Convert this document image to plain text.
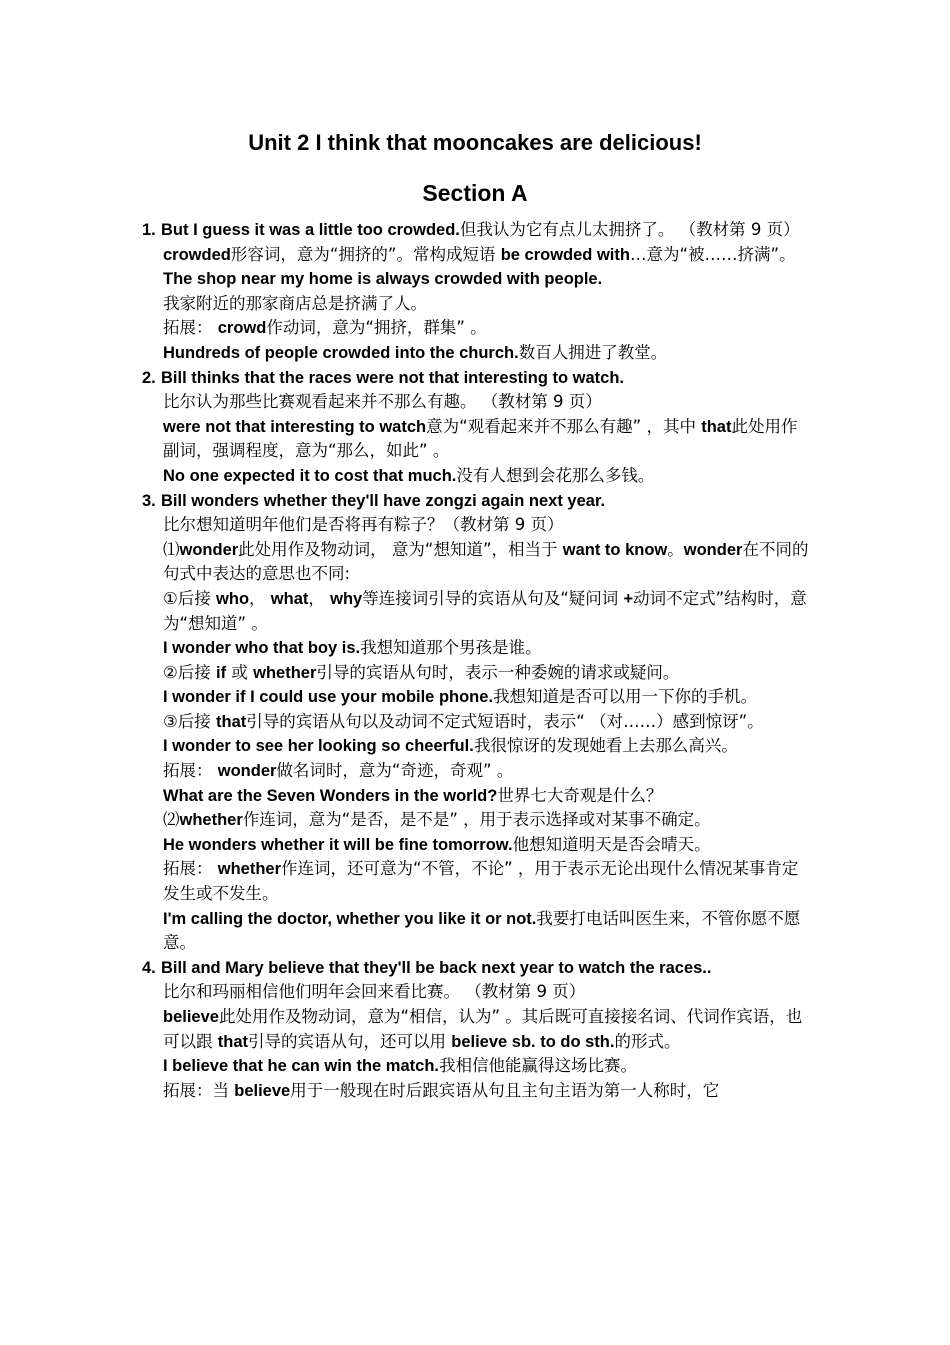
Unit 2 I think that mooncakes are delicious!
Section A
1. But I guess it was a little too crowded.但我认为它有点儿太拥挤了。 （教材第 9 页）
crowded形容词，意为“拥挤的”。常构成短语 be crowded with…意为“被……挤满”。
The shop near my home is always crowded with people.
我家附近的那家商店总是挤满了人。
拓展： crowd作动词，意为“拥挤，群集” 。
Hundreds of people crowded into the church.数百人拥进了教堂。
2. Bill thinks that the races were not that interesting to watch.
比尔认为那些比赛观看起来并不那么有趣。 （教材第 9 页）
were not that interesting to watch意为“观看起来并不那么有趣” ，其中 that此处用作副词，强调程度，意为“那么，如此” 。
No one expected it to cost that much.没有人想到会花那么多钱。
3. Bill wonders whether they'll have zongzi again next year.
比尔想知道明年他们是否将再有粽子？（教材第 9 页）
⑴wonder此处用作及物动词， 意为“想知道”，相当于 want to know。wonder在不同的句式中表达的意思也不同:
①后接 who， what， why等连接词引导的宾语从句及“疑问词 +动词不定式”结构时，意为“想知道” 。
I wonder who that boy is.我想知道那个男孩是谁。
②后接 if 或 whether引导的宾语从句时，表示一种委婉的请求或疑问。
I wonder if I could use your mobile phone.我想知道是否可以用一下你的手机。
③后接 that引导的宾语从句以及动词不定式短语时，表示“ （对……）感到惊讶”。
I wonder to see her looking so cheerful.我很惊讶的发现她看上去那么高兴。
拓展： wonder做名词时，意为“奇迹，奇观” 。
What are the Seven Wonders in the world?世界七大奇观是什么？
⑵whether作连词，意为“是否，是不是” ，用于表示选择或对某事不确定。
He wonders whether it will be fine tomorrow.他想知道明天是否会晴天。
拓展： whether作连词，还可意为“不管，不论” ，用于表示无论出现什么情况某事肯定发生或不发生。
I'm calling the doctor, whether you like it or not.我要打电话叫医生来，不管你愿不愿意。
4. Bill and Mary believe that they'll be back next year to watch the races..
比尔和玛丽相信他们明年会回来看比赛。 （教材第 9 页）
believe此处用作及物动词，意为“相信，认为” 。其后既可直接接名词、代词作宾语，也可以跟 that引导的宾语从句，还可以用 believe sb. to do sth.的形式。
I believe that he can win the match.我相信他能赢得这场比赛。
拓展：当 believe用于一般现在时后跟宾语从句且主句主语为第一人称时，它
